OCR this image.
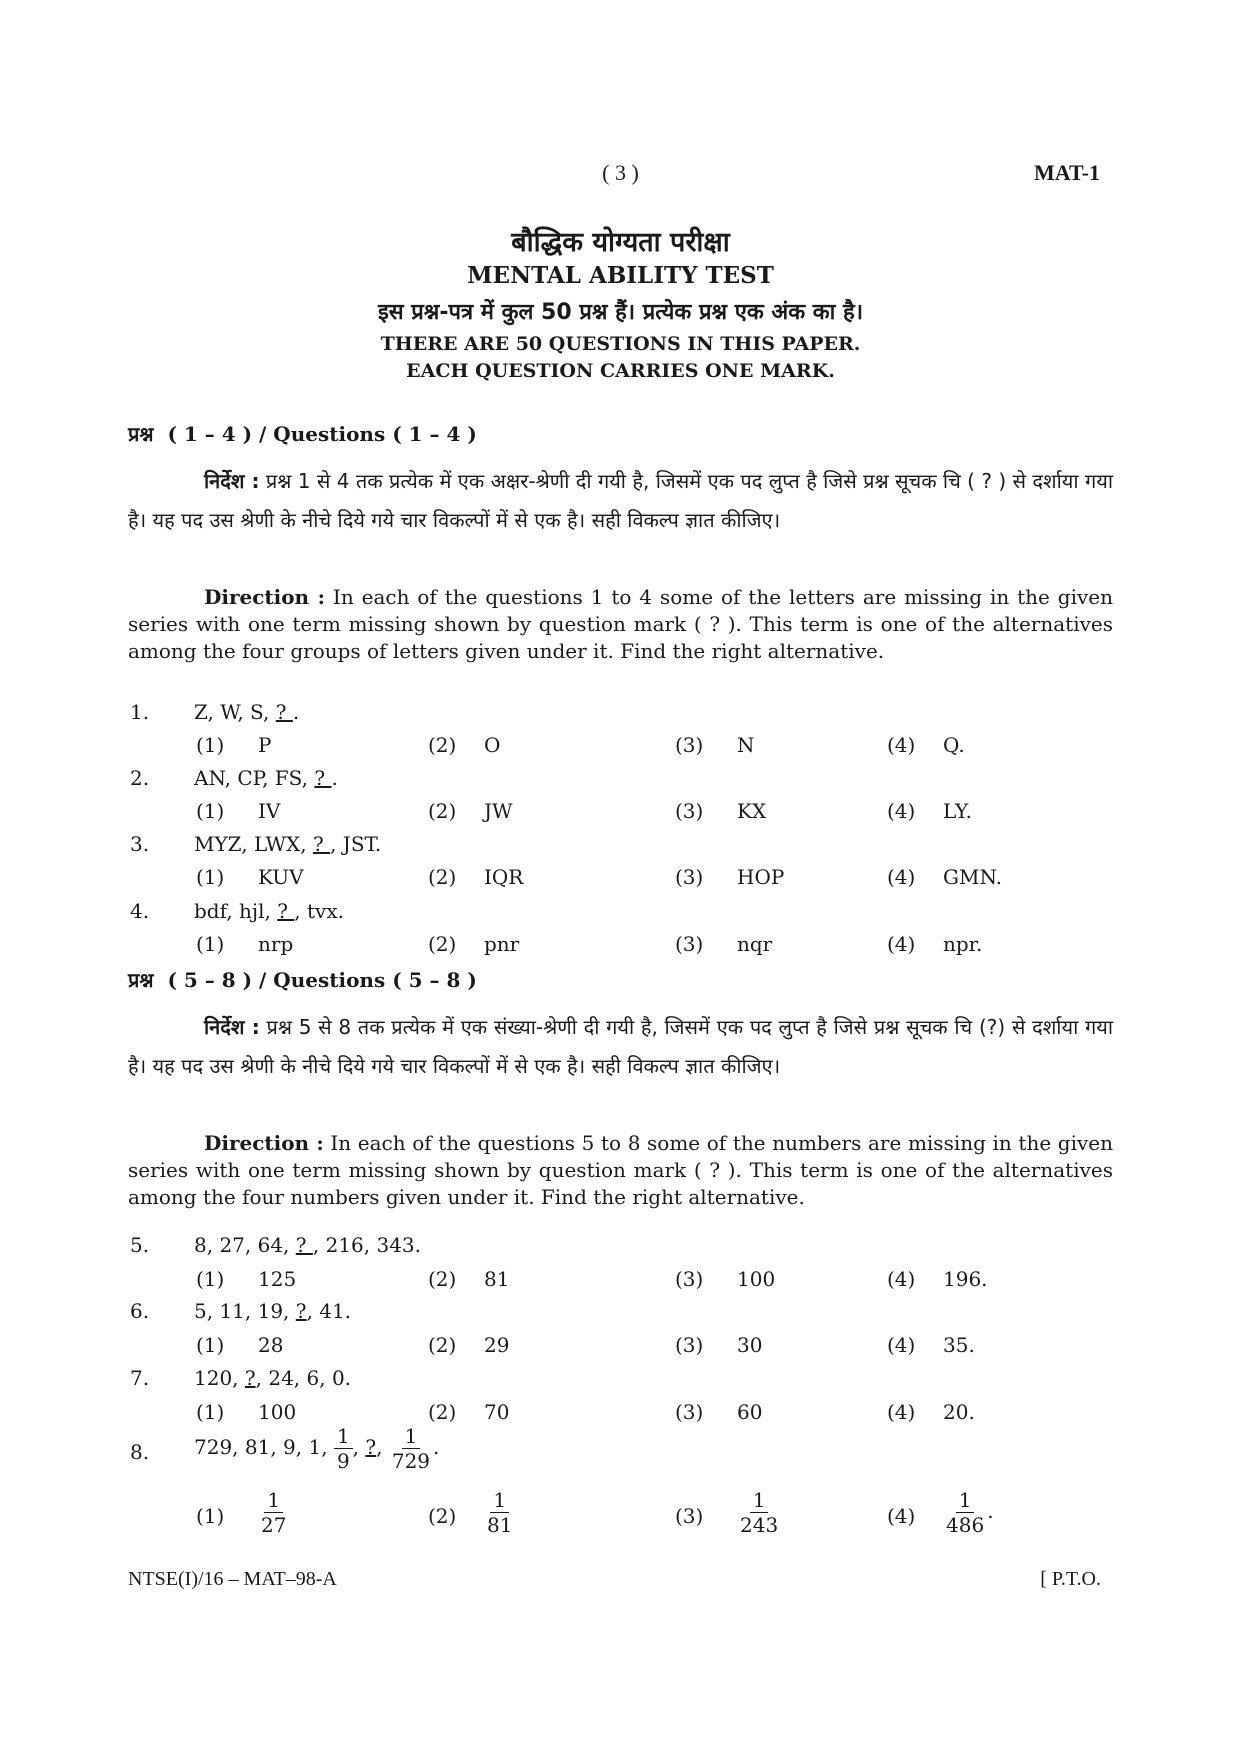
( 3 )	MAT-1
बौद्धिक योग्यता परीक्षा
MENTAL ABILITY TEST
इस प्रश्न-पत्र में कुल 50 प्रश्न हैं। प्रत्येक प्रश्न एक अंक का है।
THERE ARE 50 QUESTIONS IN THIS PAPER.
EACH QUESTION CARRIES ONE MARK.
प्रश्न ( 1 – 4 ) / Questions ( 1 – 4 )
निर्देश : प्रश्न 1 से 4 तक प्रत्येक में एक अक्षर-श्रेणी दी गयी है, जिसमें एक पद लुप्त है जिसे प्रश्न सूचक चि ( ? ) से दर्शाया गया है। यह पद उस श्रेणी के नीचे दिये गये चार विकल्पों में से एक है। सही विकल्प ज्ञात कीजिए।
Direction : In each of the questions 1 to 4 some of the letters are missing in the given series with one term missing shown by question mark ( ? ). This term is one of the alternatives among the four groups of letters given under it. Find the right alternative.
प्रश्न ( 5 – 8 ) / Questions ( 5 – 8 )
निर्देश : प्रश्न 5 से 8 तक प्रत्येक में एक संख्या-श्रेणी दी गयी है, जिसमें एक पद लुप्त है जिसे प्रश्न सूचक चि (?) से दर्शाया गया है। यह पद उस श्रेणी के नीचे दिये गये चार विकल्पों में से एक है। सही विकल्प ज्ञात कीजिए।
Direction : In each of the questions 5 to 8 some of the numbers are missing in the given series with one term missing shown by question mark ( ? ). This term is one of the alternatives among the four numbers given under it. Find the right alternative.
1. Z, W, S, ? .
(1) P	(2) O	(3) N	(4) Q.
2. AN, CP, FS, ? .
(1) IV	(2) JW	(3) KX	(4) LY.
3. MYZ, LWX, ? , JST.
(1) KUV	(2) IQR	(3) HOP	(4) GMN.
4. bdf, hjl, ? , tvx.
(1) nrp	(2) pnr	(3) nqr	(4) npr.
5. 8, 27, 64, ? , 216, 343.
(1) 125	(2) 81	(3) 100	(4) 196.
6. 5, 11, 19, ?, 41.
(1) 28	(2) 29	(3) 30	(4) 35.
7. 120, ?, 24, 6, 0.
(1) 100	(2) 70	(3) 60	(4) 20.
8. 729, 81, 9, 1, $\frac{1}{9}$ , ?, $\frac{1}{729}$ .
$(1) \frac{1}{27}$	$(2) \frac{1}{81}$	$(3) \frac{1}{243}$	$(4) \frac{1}{486}$ .
NTSE(I)/16 – MAT–98-A	[ P.T.O.
